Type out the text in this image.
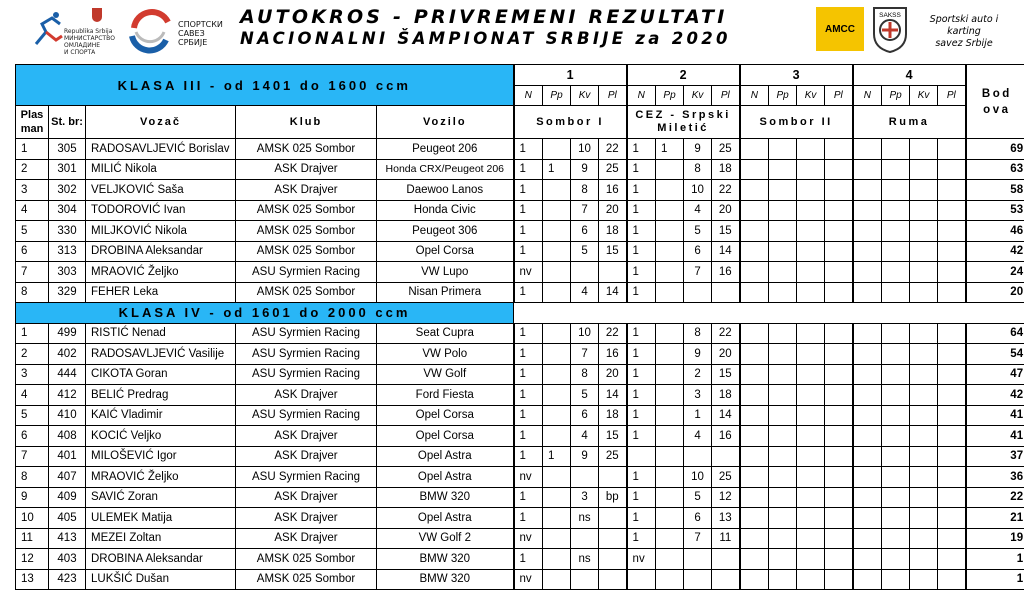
Republika Srbija
МИНИСТАРСТВО
ОМЛАДИНЕ
И СПОРТА
СПОРТСКИ
САВЕЗ
СРБИЈЕ
AUTOKROS - PRIVREMENI REZULTATI
NACIONALNI ŠAMPIONAT SRBIJE za 2020	AMCC
SAKSS	Sportski auto i karting
savez Srbije
KLASA III - od 1401 do 1600 ccm					1				2				3				4				Bod ova
					N	Pp	Kv	Pl	N	Pp	Kv	Pl	N	Pp	Kv	Pl	N	Pp	Kv	Pl	
Plas man	St. br:	Vozač	Klub	Vozilo	Sombor I				CEZ - Srpski Miletić				Sombor II				Ruma				
1	305	RADOSAVLJEVIĆ Borislav	AMSK 025 Sombor	Peugeot 206	1		10	22	1	1	9	25									69
2	301	MILIĆ Nikola	ASK Drajver	Honda CRX/Peugeot 206	1	1	9	25	1		8	18									63
3	302	VELJKOVIĆ Saša	ASK Drajver	Daewoo Lanos	1		8	16	1		10	22									58
4	304	TODOROVIĆ Ivan	AMSK 025 Sombor	Honda Civic	1		7	20	1		4	20									53
5	330	MILJKOVIĆ Nikola	AMSK 025 Sombor	Peugeot 306	1		6	18	1		5	15									46
6	313	DROBINA Aleksandar	AMSK 025 Sombor	Opel Corsa	1		5	15	1		6	14									42
7	303	MRAOVIĆ Željko	ASU Syrmien Racing	VW Lupo	nv				1		7	16									24
8	329	FEHER Leka	AMSK 025 Sombor	Nisan Primera	1		4	14	1												20
KLASA IV - od 1601 do 2000 ccm																					
1	499	RISTIĆ Nenad	ASU Syrmien Racing	Seat Cupra	1		10	22	1		8	22									64
2	402	RADOSAVLJEVIĆ Vasilije	ASU Syrmien Racing	VW Polo	1		7	16	1		9	20									54
3	444	CIKOTA Goran	ASU Syrmien Racing	VW Golf	1		8	20	1		2	15									47
4	412	BELIĆ Predrag	ASK Drajver	Ford Fiesta	1		5	14	1		3	18									42
5	410	KAIĆ Vladimir	ASU Syrmien Racing	Opel Corsa	1		6	18	1		1	14									41
6	408	KOCIĆ Veljko	ASK Drajver	Opel Corsa	1		4	15	1		4	16									41
7	401	MILOŠEVIĆ Igor	ASK Drajver	Opel Astra	1	1	9	25													37
8	407	MRAOVIĆ Željko	ASU Syrmien Racing	Opel Astra	nv				1		10	25									36
9	409	SAVIĆ Zoran	ASK Drajver	BMW 320	1		3	bp	1		5	12									22
10	405	ULEMEK Matija	ASK Drajver	Opel Astra	1		ns		1		6	13									21
11	413	MEZEI Zoltan	ASK Drajver	VW Golf 2	nv				1		7	11									19
12	403	DROBINA Aleksandar	AMSK 025 Sombor	BMW 320	1		ns		nv												1
13	423	LUKŠIĆ Dušan	AMSK 025 Sombor	BMW 320	nv																1
